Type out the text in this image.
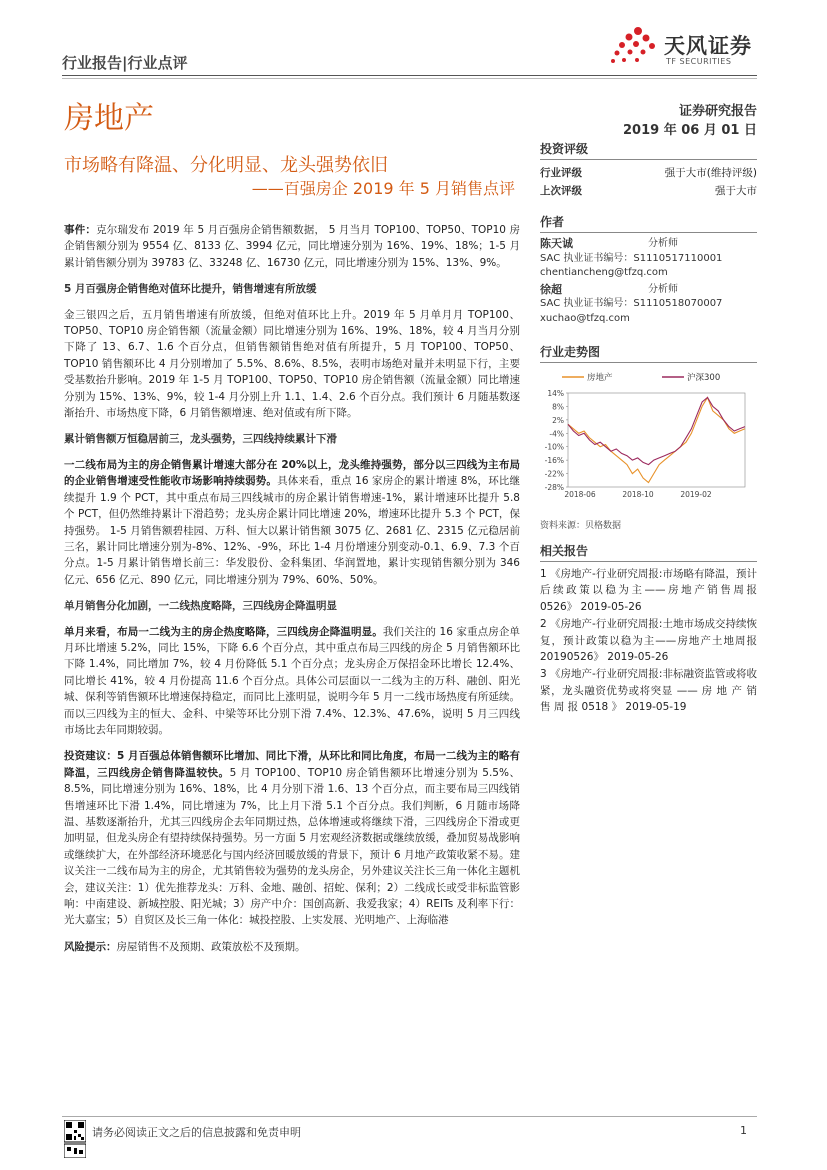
行业报告|行业点评
天风证券
TF SECURITIES
房地产	证券研究报告
2019 年 06 月 01 日
市场略有降温、分化明显、龙头强势依旧
——百强房企 2019 年 5 月销售点评

事件：克尔瑞发布 2019 年 5 月百强房企销售额数据， 5 月当月 TOP100、TOP50、TOP10 房企销售额分别为 9554 亿、8133 亿、3994 亿元，同比增速分别为 16%、19%、18%；1-5 月累计销售额分别为 39783 亿、33248 亿、16730 亿元，同比增速分别为 15%、13%、9%。

5 月百强房企销售绝对值环比提升，销售增速有所放缓

金三银四之后，五月销售增速有所放缓，但绝对值环比上升。2019 年 5 月单月月 TOP100、TOP50、TOP10 房企销售额（流量金额）同比增速分别为 16%、19%、18%，较 4 月当月分别下降了 13、6.7、1.6 个百分点，但销售额销售绝对值有所提升，5 月 TOP100、TOP50、TOP10 销售额环比 4 月分别增加了 5.5%、8.6%、8.5%，表明市场绝对量并未明显下行，主要受基数抬升影响。2019 年 1-5 月 TOP100、TOP50、TOP10 房企销售额（流量金额）同比增速分别为 15%、13%、9%，较 1-4 月分别上升 1.1、1.4、2.6 个百分点。我们预计 6 月随基数逐渐抬升、市场热度下降，6 月销售额增速、绝对值或有所下降。

累计销售额万恒稳居前三，龙头强势，三四线持续累计下滑

一二线布局为主的房企销售累计增速大部分在 20%以上，龙头维持强势，部分以三四线为主布局的企业销售增速受性能收市场影响持续弱势。具体来看，重点 16 家房企的累计增速 8%，环比继续提升 1.9 个 PCT，其中重点布局三四线城市的房企累计销售增速-1%，累计增速环比提升 5.8 个 PCT，但仍然维持累计下滑趋势；龙头房企累计同比增速 20%，增速环比提升 5.3 个 PCT，保持强势。 1-5 月销售额碧桂园、万科、恒大以累计销售额 3075 亿、2681 亿、2315 亿元稳居前三名，累计同比增速分别为-8%、12%、-9%，环比 1-4 月份增速分别变动-0.1、6.9、7.3 个百分点。1-5 月累计销售增长前三：华发股份、金科集团、华润置地，累计实现销售额分别为 346 亿元、656 亿元、890 亿元，同比增速分别为 79%、60%、50%。

单月销售分化加剧，一二线热度略降，三四线房企降温明显

单月来看，布局一二线为主的房企热度略降，三四线房企降温明显。我们关注的 16 家重点房企单月环比增速 5.2%，同比 15%，下降 6.6 个百分点，其中重点布局三四线的房企 5 月销售额环比下降 1.4%，同比增加 7%，较 4 月份降低 5.1 个百分点；龙头房企万保招金环比增长 12.4%、同比增长 41%，较 4 月份提高 11.6 个百分点。具体公司层面以一二线为主的万科、融创、阳光城、保利等销售额环比增速保持稳定，而同比上涨明显，说明今年 5 月一二线市场热度有所延续。而以三四线为主的恒大、金科、中梁等环比分别下滑 7.4%、12.3%、47.6%，说明 5 月三四线市场比去年同期较弱。

投资建议：5 月百强总体销售额环比增加、同比下滑，从环比和同比角度，布局一二线为主的略有降温，三四线房企销售降温较快。5 月 TOP100、TOP10 房企销售额环比增速分别为 5.5%、8.5%，同比增速分别为 16%、18%，比 4 月分别下滑 1.6、13 个百分点，而主要布局三四线销售增速环比下滑 1.4%，同比增速为 7%，比上月下滑 5.1 个百分点。我们判断，6 月随市场降温、基数逐渐抬升，尤其三四线房企去年同期过热，总体增速或将继续下滑，三四线房企下滑或更加明显，但龙头房企有望持续保持强势。另一方面 5 月宏观经济数据或继续放缓，叠加贸易战影响或继续扩大，在外部经济环境恶化与国内经济回暖放缓的背景下，预计 6 月地产政策收紧不易。建议关注一二线布局为主的房企，尤其销售较为强势的龙头房企，另外建议关注长三角一体化主题机会，建议关注：1）优先推荐龙头：万科、金地、融创、招蛇、保利；2）二线成长或受非标监管影响：中南建设、新城控股、阳光城；3）房产中介：国创高新、我爱我家；4）REITs 及利率下行：光大嘉宝；5）自贸区及长三角一体化：城投控股、上实发展、光明地产、上海临港

风险提示：房屋销售不及预期、政策放松不及预期。

投资评级
行业评级	强于大市(维持评级)
上次评级	强于大市
作者
陈天诚	分析师
SAC 执业证书编号：S1110517110001
chentiancheng@tfzq.com
徐超	分析师
SAC 执业证书编号：S1110518070007
xuchao@tfzq.com
行业走势图
14%
8%
2%
-4%
-10%
-16%
-22%
-28%
2018-06	2018-10	2019-02
房地产	沪深300
资料来源：贝格数据
相关报告

1 《房地产-行业研究周报:市场略有降温，预计后续政策以稳为主——房地产销售周报 0526》 2019-05-26

2 《房地产-行业研究周报:土地市场成交持续恢复，预计政策以稳为主——房地产土地周报 20190526》 2019-05-26

3 《房地产-行业研究周报:非标融资监管或将收紧，龙头融资优势或将突显 —— 房 地 产 销 售 周 报 0518 》 2019-05-19

请务必阅读正文之后的信息披露和免责申明	1
